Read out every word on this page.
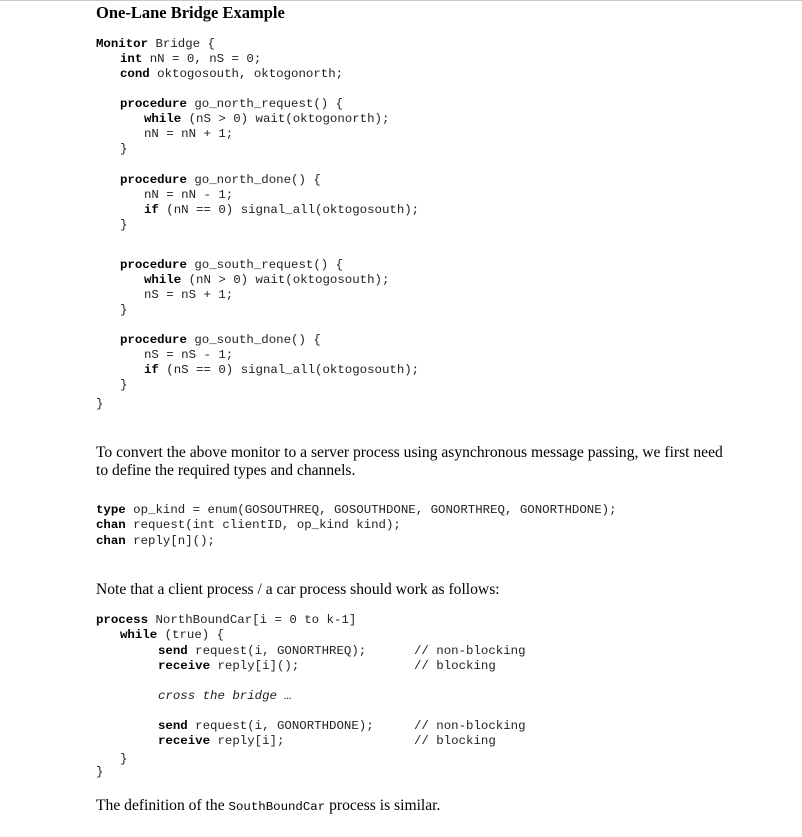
One-Lane Bridge Example
Monitor Bridge {
int nN = 0, nS = 0;
cond oktogosouth, oktogonorth;
procedure go_north_request() {
while (nS > 0) wait(oktogonorth);
nN = nN + 1;
}
procedure go_north_done() {
nN = nN - 1;
if (nN == 0) signal_all(oktogosouth);
}
procedure go_south_request() {
while (nN > 0) wait(oktogosouth);
nS = nS + 1;
}
procedure go_south_done() {
nS = nS - 1;
if (nS == 0) signal_all(oktogosouth);
}
}
To convert the above monitor to a server process using asynchronous message passing, we first need to define the required types and channels.
type op_kind = enum(GOSOUTHREQ, GOSOUTHDONE, GONORTHREQ, GONORTHDONE);
chan request(int clientID, op_kind kind);
chan reply[n]();
Note that a client process / a car process should work as follows:
process NorthBoundCar[i = 0 to k-1]
while (true) {
send request(i, GONORTHREQ);	// non-blocking
receive reply[i]();	// blocking
cross the bridge …
send request(i, GONORTHDONE);	// non-blocking
receive reply[i];	// blocking
}
}
The definition of the SouthBoundCar process is similar.
